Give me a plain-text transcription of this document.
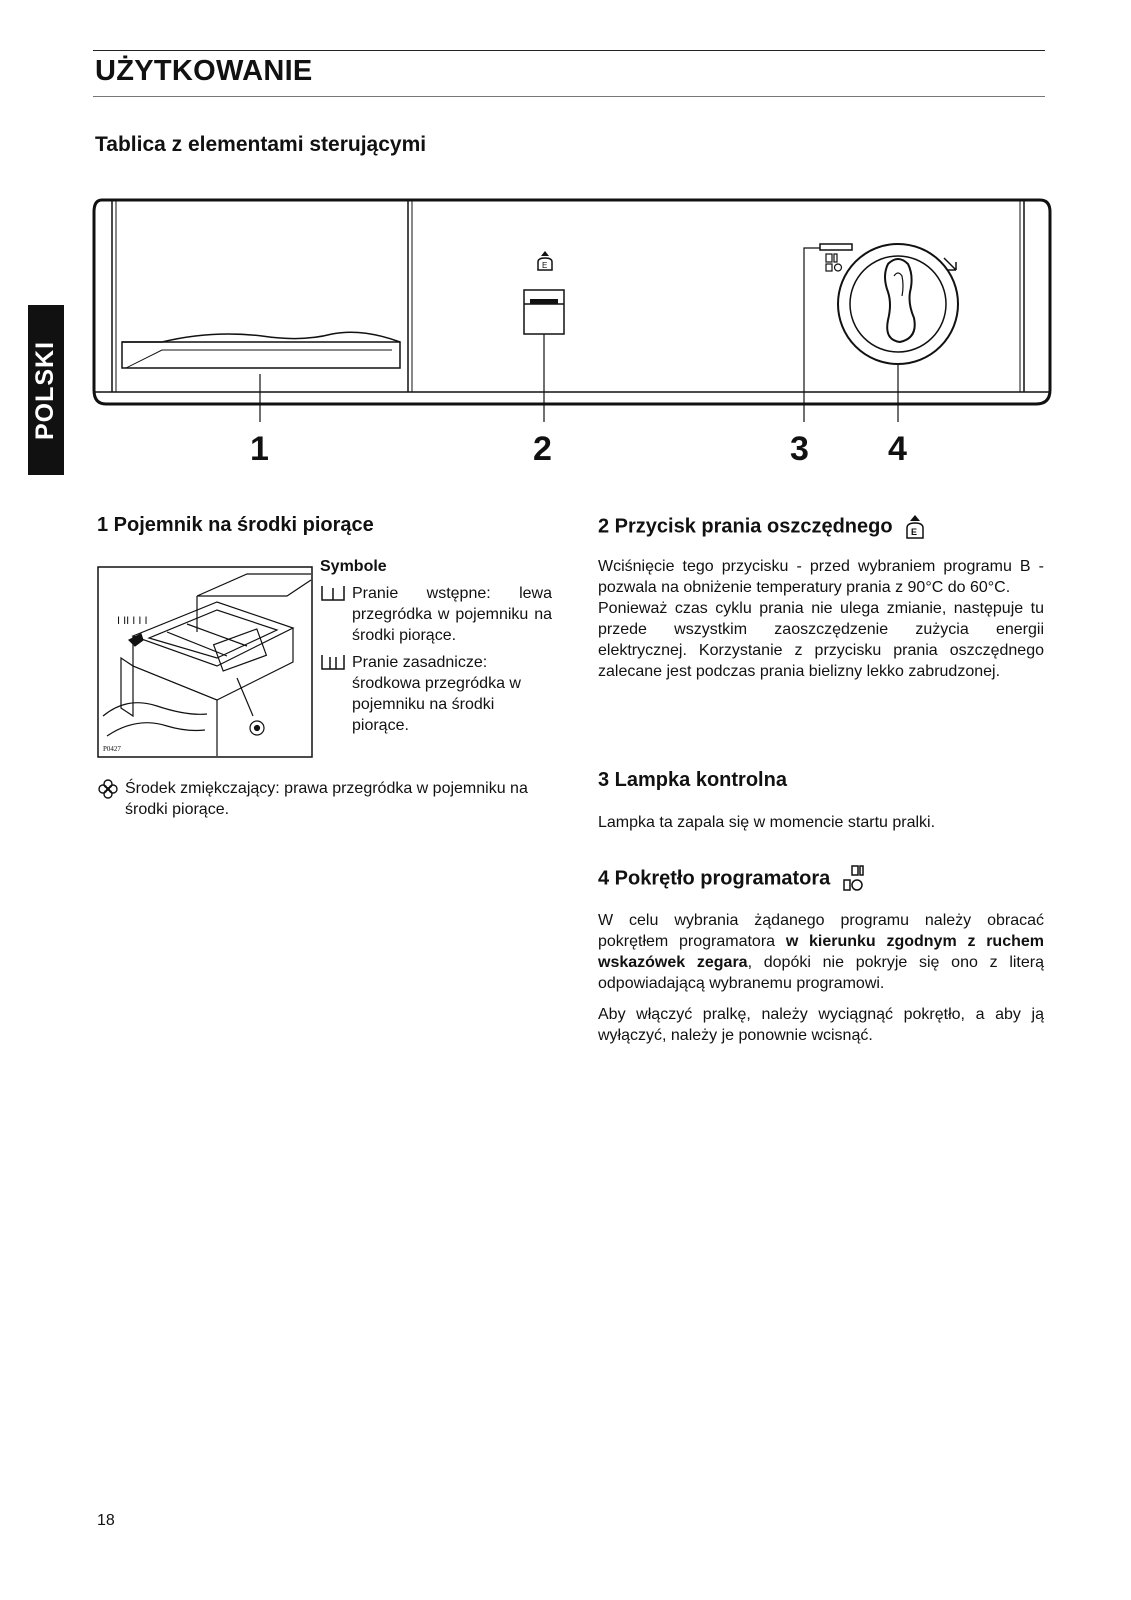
UŻYTKOWANIE
Tablica z elementami sterującymi
POLSKI
E
1	2	3 4
1 Pojemnik na środki piorące
I II I I I
P0427
Symbole
Pranie wstępne: lewa przegródka w pojemniku na środki piorące.
Pranie zasadnicze: środkowa przegródka w pojemniku na środki piorące.
Środek zmiękczający: prawa przegródka w pojemniku na środki piorące.
2 Przycisk prania oszczędnego E

Wciśnięcie tego przycisku - przed wybraniem programu B - pozwala na obniżenie temperatury prania z 90°C do 60°C.

Ponieważ czas cyklu prania nie ulega zmianie, następuje tu przede wszystkim zaoszczędzenie zużycia energii elektrycznej. Korzystanie z przycisku prania oszczędnego zalecane jest podczas prania bielizny lekko zabrudzonej.

3 Lampka kontrolna
Lampka ta zapala się w momencie startu pralki.
4 Pokrętło programatora

W celu wybrania żądanego programu należy obracać pokrętłem programatora w kierunku zgodnym z ruchem wskazówek zegara, dopóki nie pokryje się ono z literą odpowiadającą wybranemu programowi.

Aby włączyć pralkę, należy wyciągnąć pokrętło, a aby ją wyłączyć, należy je ponownie wcisnąć.

18
